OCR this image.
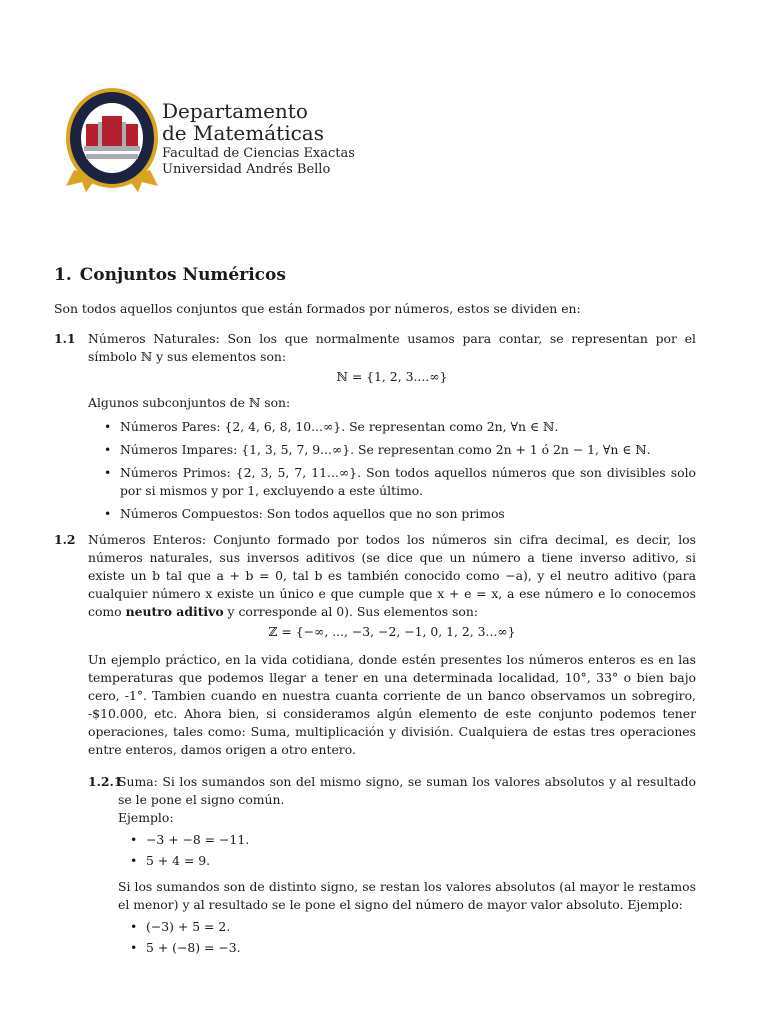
Departamento
de Matemáticas
Facultad de Ciencias Exactas
Universidad Andrés Bello
1. Conjuntos Numéricos

Son todos aquellos conjuntos que están formados por números, estos se dividen en:

1.1 Números Naturales: Son los que normalmente usamos para contar, se representan por el símbolo ℕ y sus elementos son:

ℕ = {1, 2, 3....∞}

Algunos subconjuntos de ℕ son:

• Números Pares: {2, 4, 6, 8, 10...∞}. Se representan como 2n, ∀n ∈ ℕ.
• Números Impares: {1, 3, 5, 7, 9...∞}. Se representan como 2n + 1 ó 2n − 1, ∀n ∈ ℕ.
• Números Primos: {2, 3, 5, 7, 11...∞}. Son todos aquellos números que son divisibles solo por si mismos y por 1, excluyendo a este último.
• Números Compuestos: Son todos aquellos que no son primos
1.2 Números Enteros: Conjunto formado por todos los números sin cifra decimal, es decir, los números naturales, sus inversos aditivos (se dice que un número a tiene inverso aditivo, si existe un b tal que a + b = 0, tal b es también conocido como −a), y el neutro aditivo (para cualquier número x existe un único e que cumple que x + e = x, a ese número e lo conocemos como neutro aditivo y corresponde al 0). Sus elementos son:

ℤ = {−∞, ..., −3, −2, −1, 0, 1, 2, 3...∞}

Un ejemplo práctico, en la vida cotidiana, donde estén presentes los números enteros es en las temperaturas que podemos llegar a tener en una determinada localidad, 10°, 33° o bien bajo cero, -1°. Tambien cuando en nuestra cuanta corriente de un banco observamos un sobregiro, -$10.000, etc. Ahora bien, si consideramos algún elemento de este conjunto podemos tener operaciones, tales como: Suma, multiplicación y división. Cualquiera de estas tres operaciones entre enteros, damos origen a otro entero.

1.2.1

Suma: Si los sumandos son del mismo signo, se suman los valores absolutos y al resultado se le pone el signo común.

Ejemplo:

• −3 + −8 = −11.
• 5 + 4 = 9.

Si los sumandos son de distinto signo, se restan los valores absolutos (al mayor le restamos el menor) y al resultado se le pone el signo del número de mayor valor absoluto. Ejemplo:

• (−3) + 5 = 2.
• 5 + (−8) = −3.
